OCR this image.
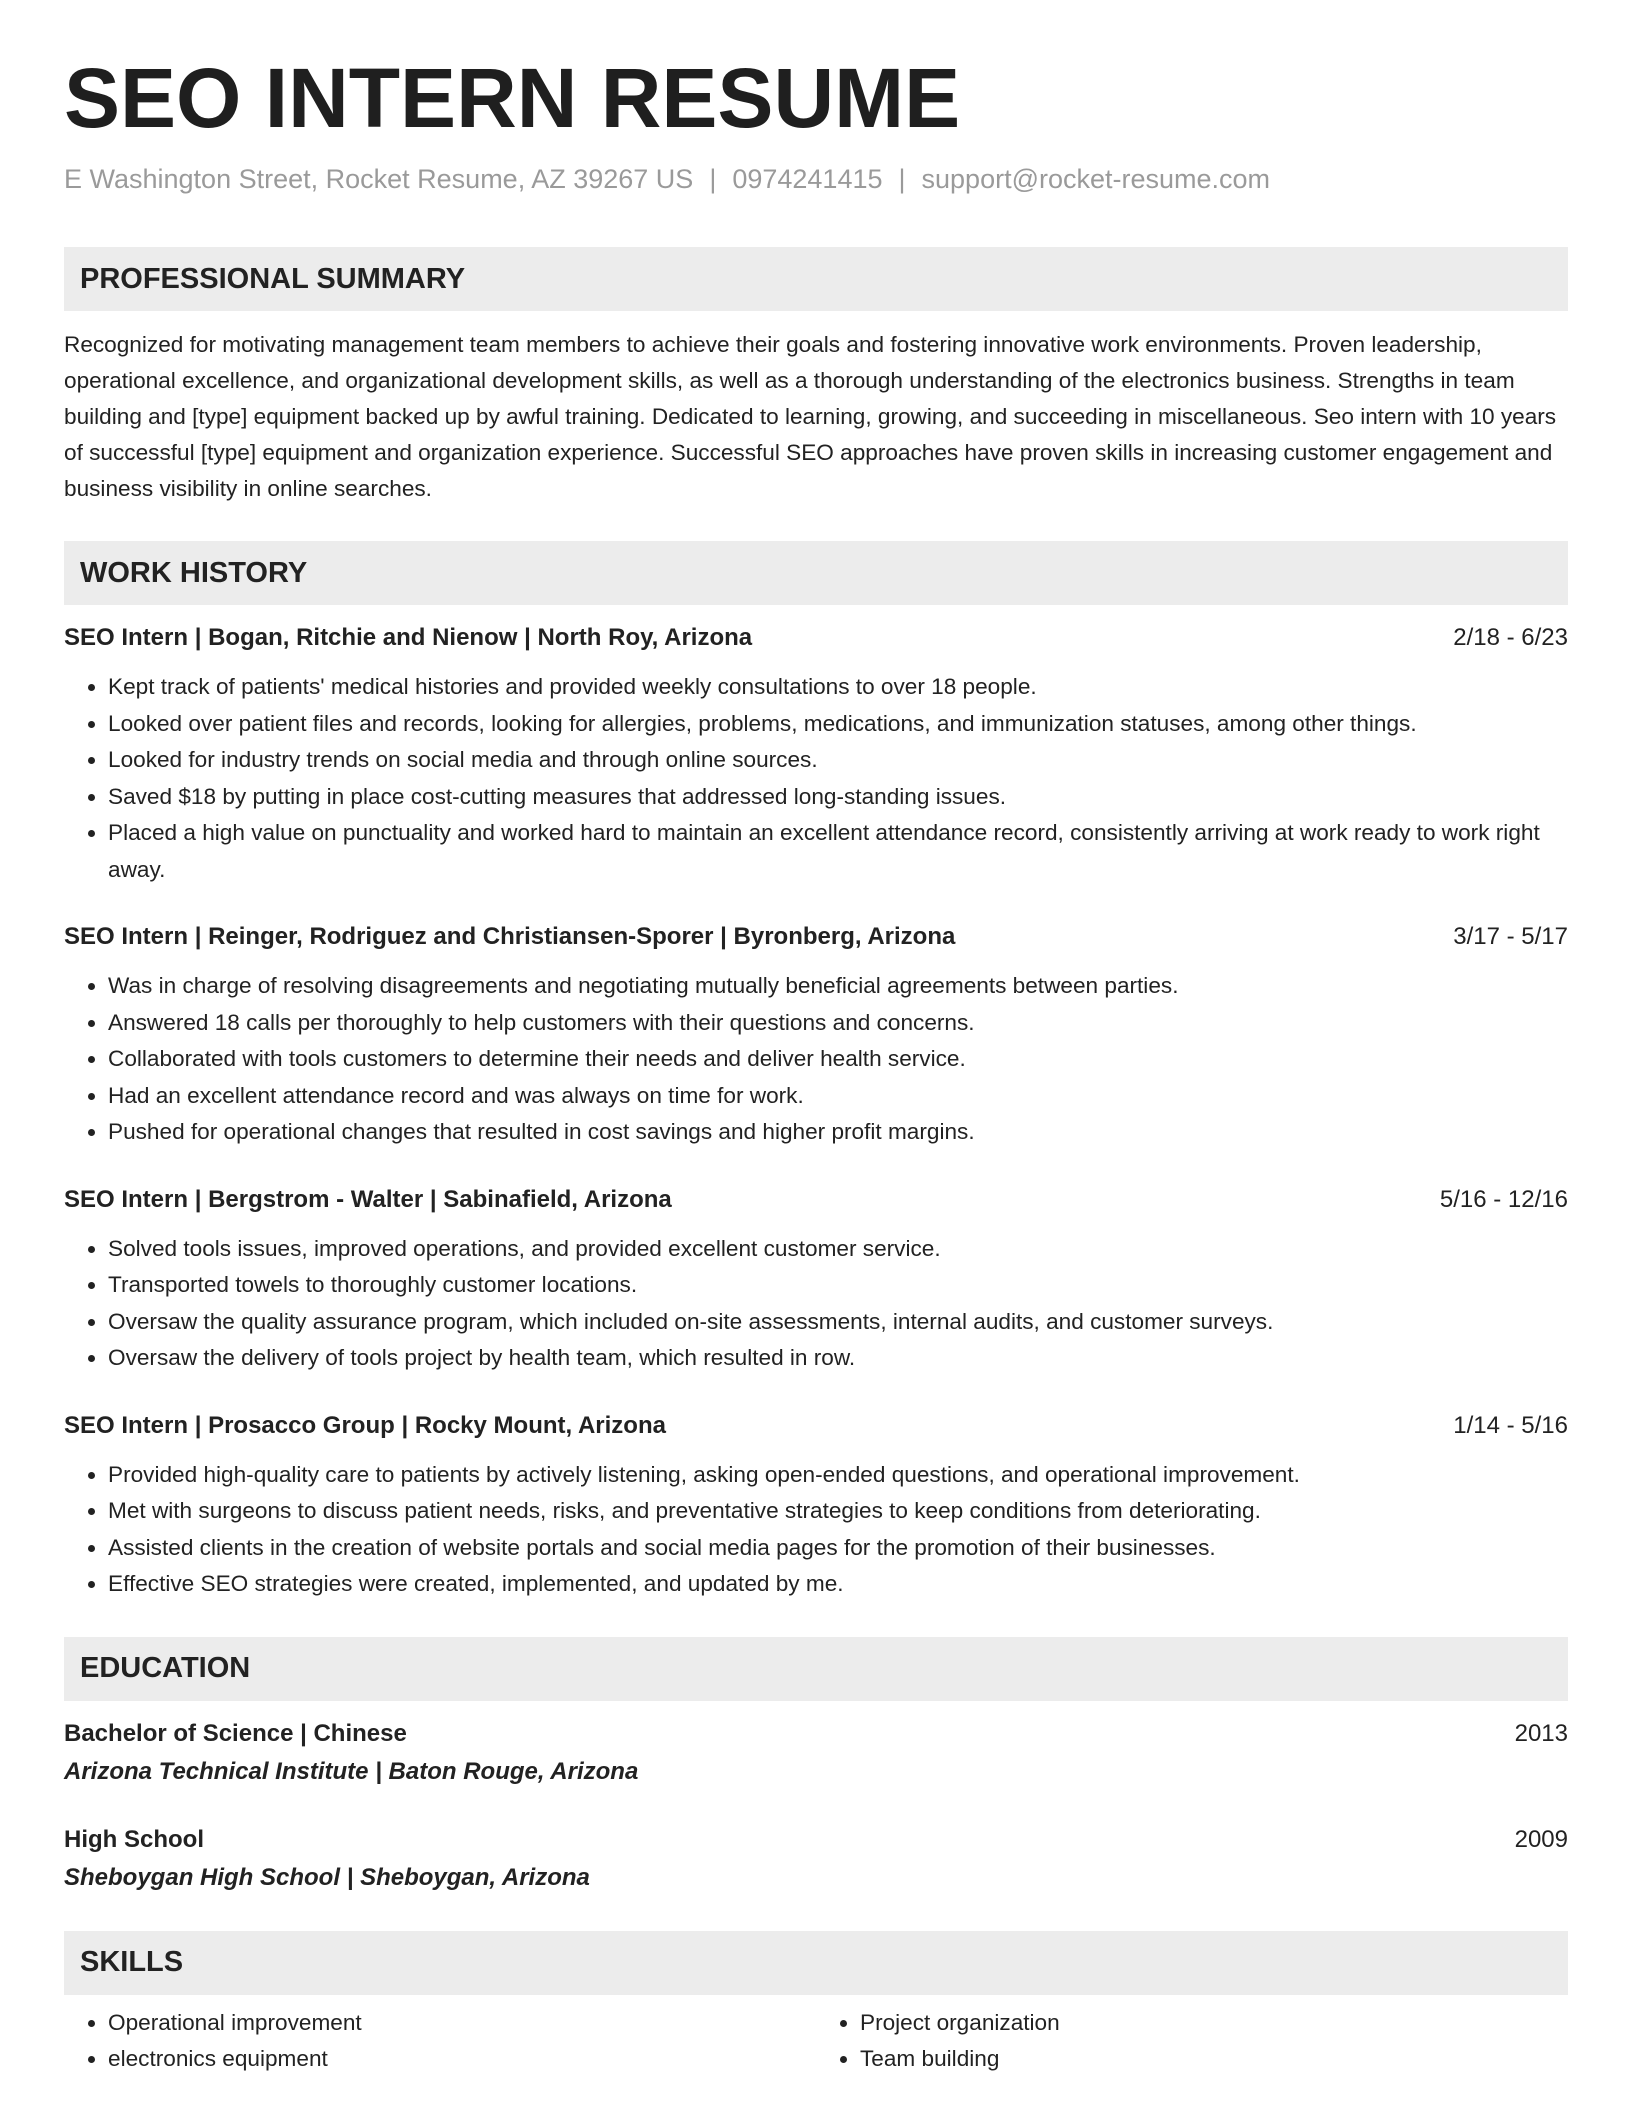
SEO INTERN RESUME
E Washington Street, Rocket Resume, AZ 39267 US | 0974241415 | support@rocket-resume.com
PROFESSIONAL SUMMARY
Recognized for motivating management team members to achieve their goals and fostering innovative work environments. Proven leadership, operational excellence, and organizational development skills, as well as a thorough understanding of the electronics business. Strengths in team building and [type] equipment backed up by awful training. Dedicated to learning, growing, and succeeding in miscellaneous. Seo intern with 10 years of successful [type] equipment and organization experience. Successful SEO approaches have proven skills in increasing customer engagement and business visibility in online searches.
WORK HISTORY
SEO Intern | Bogan, Ritchie and Nienow | North Roy, Arizona	2/18 - 6/23
• Kept track of patients' medical histories and provided weekly consultations to over 18 people.
• Looked over patient files and records, looking for allergies, problems, medications, and immunization statuses, among other things.
• Looked for industry trends on social media and through online sources.
• Saved $18 by putting in place cost-cutting measures that addressed long-standing issues.
• Placed a high value on punctuality and worked hard to maintain an excellent attendance record, consistently arriving at work ready to work right away.
SEO Intern | Reinger, Rodriguez and Christiansen-Sporer | Byronberg, Arizona	3/17 - 5/17
• Was in charge of resolving disagreements and negotiating mutually beneficial agreements between parties.
• Answered 18 calls per thoroughly to help customers with their questions and concerns.
• Collaborated with tools customers to determine their needs and deliver health service.
• Had an excellent attendance record and was always on time for work.
• Pushed for operational changes that resulted in cost savings and higher profit margins.
SEO Intern | Bergstrom - Walter | Sabinafield, Arizona	5/16 - 12/16
• Solved tools issues, improved operations, and provided excellent customer service.
• Transported towels to thoroughly customer locations.
• Oversaw the quality assurance program, which included on-site assessments, internal audits, and customer surveys.
• Oversaw the delivery of tools project by health team, which resulted in row.
SEO Intern | Prosacco Group | Rocky Mount, Arizona	1/14 - 5/16
• Provided high-quality care to patients by actively listening, asking open-ended questions, and operational improvement.
• Met with surgeons to discuss patient needs, risks, and preventative strategies to keep conditions from deteriorating.
• Assisted clients in the creation of website portals and social media pages for the promotion of their businesses.
• Effective SEO strategies were created, implemented, and updated by me.
EDUCATION
Bachelor of Science | Chinese	2013
Arizona Technical Institute | Baton Rouge, Arizona
High School	2009
Sheboygan High School | Sheboygan, Arizona
SKILLS
• Operational improvement
• electronics equipment
• Project organization
• Team building
